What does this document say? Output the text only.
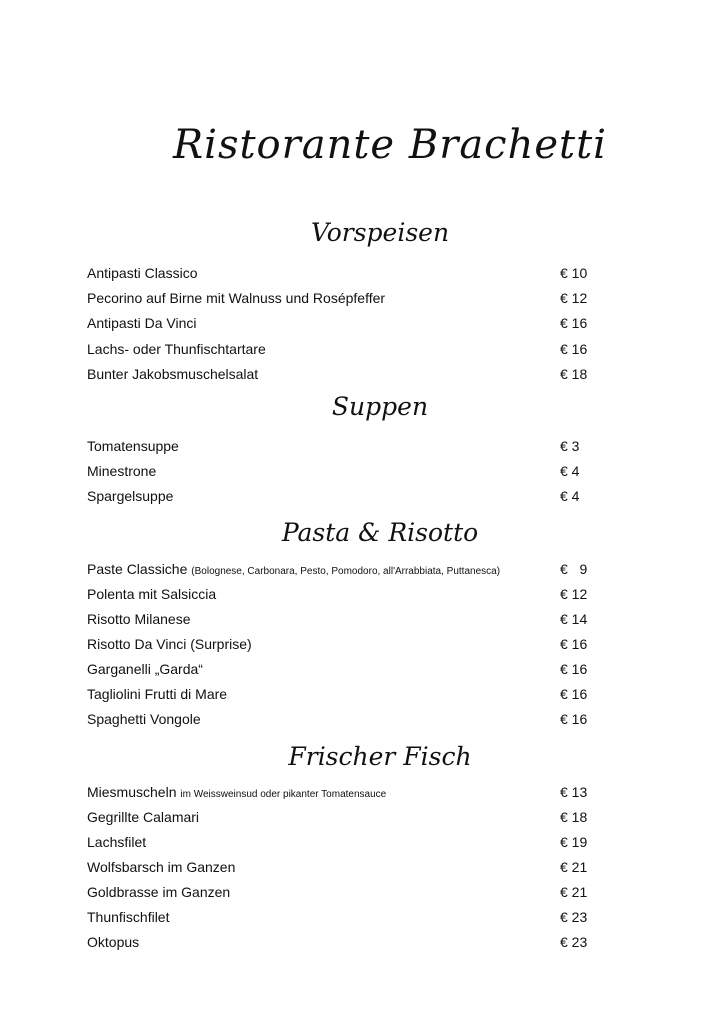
Ristorante Brachetti
Vorspeisen
Antipasti Classico	€ 10
Pecorino auf Birne mit Walnuss und Rosépfeffer	€ 12
Antipasti Da Vinci	€ 16
Lachs- oder Thunfischtartare	€ 16
Bunter Jakobsmuschelsalat	€ 18
Suppen
Tomatensuppe	€ 3
Minestrone	€ 4
Spargelsuppe	€ 4
Pasta & Risotto
Paste Classiche (Bolognese, Carbonara, Pesto, Pomodoro, all'Arrabbiata, Puttanesca)	€   9
Polenta mit Salsiccia	€ 12
Risotto Milanese	€ 14
Risotto Da Vinci (Surprise)	€ 16
Garganelli „Garda“	€ 16
Tagliolini Frutti di Mare	€ 16
Spaghetti Vongole	€ 16
Frischer Fisch
Miesmuscheln im Weissweinsud oder pikanter Tomatensauce	€ 13
Gegrillte Calamari	€ 18
Lachsfilet	€ 19
Wolfsbarsch im Ganzen	€ 21
Goldbrasse im Ganzen	€ 21
Thunfischfilet	€ 23
Oktopus	€ 23
